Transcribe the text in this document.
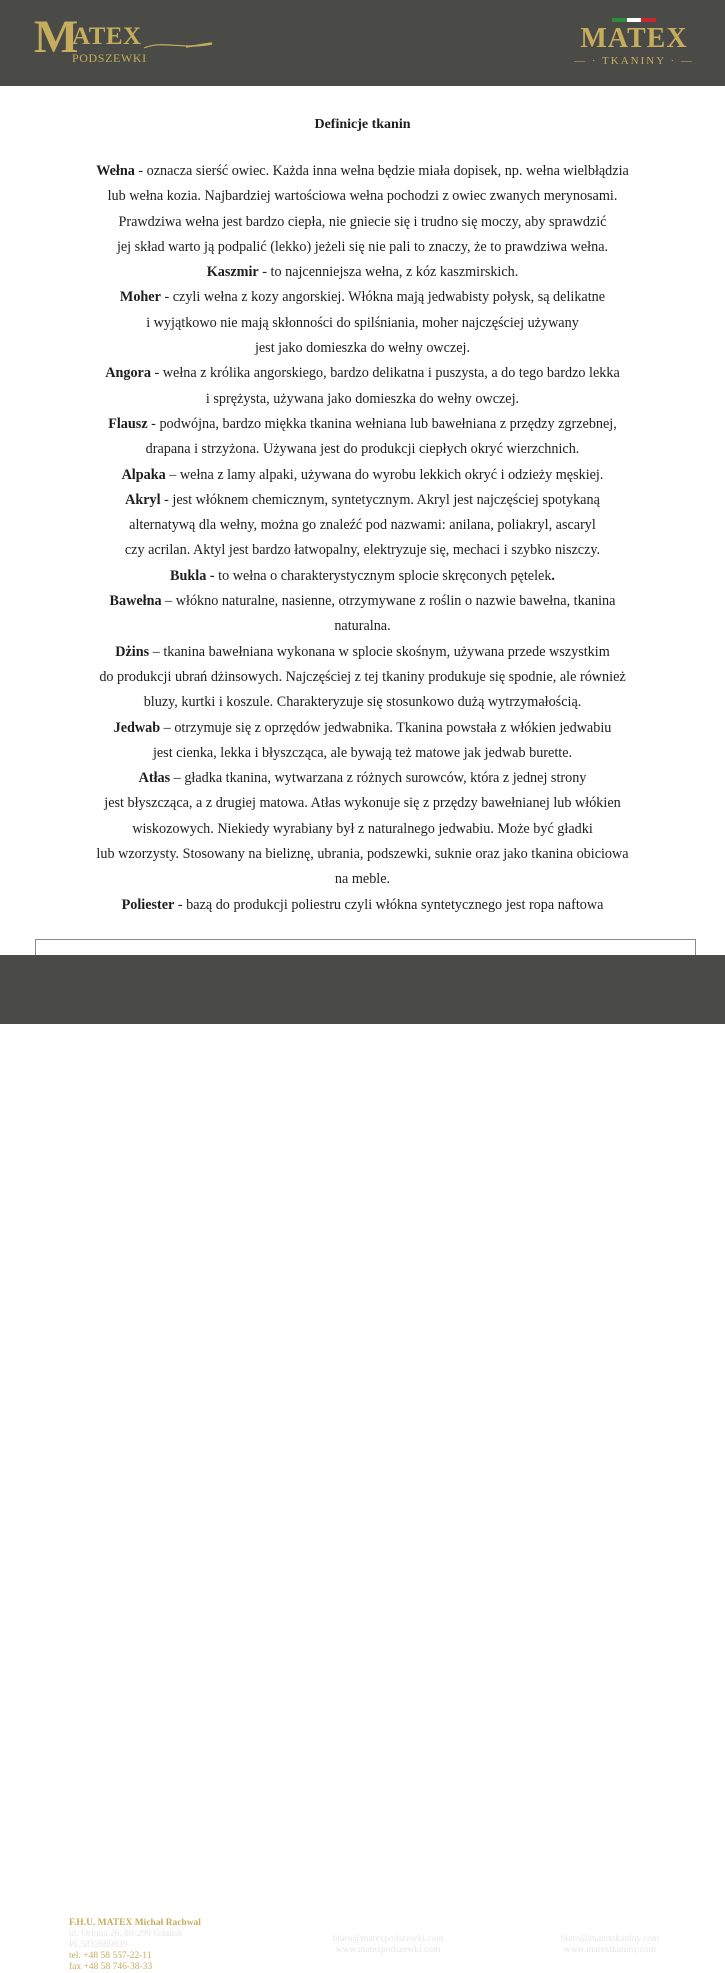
M
ATEX
PODSZEWKI
MATEX
— · TKANINY · —
Definicje tkanin
Wełna - oznacza sierść owiec. Każda inna wełna będzie miała dopisek, np. wełna wielbłądzia
lub wełna kozia. Najbardziej wartościowa wełna pochodzi z owiec zwanych merynosami.
Prawdziwa wełna jest bardzo ciepła, nie gniecie się i trudno się moczy, aby sprawdzić
jej skład warto ją podpalić (lekko) jeżeli się nie pali to znaczy, że to prawdziwa wełna.
Kaszmir - to najcenniejsza wełna, z kóz kaszmirskich.
Moher - czyli wełna z kozy angorskiej. Włókna mają jedwabisty połysk, są delikatne
i wyjątkowo nie mają skłonności do spilśniania, moher najczęściej używany
jest jako domieszka do wełny owczej.
Angora - wełna z królika angorskiego, bardzo delikatna i puszysta, a do tego bardzo lekka
i sprężysta, używana jako domieszka do wełny owczej.
Flausz - podwójna, bardzo miękka tkanina wełniana lub bawełniana z przędzy zgrzebnej,
drapana i strzyżona. Używana jest do produkcji ciepłych okryć wierzchnich.
Alpaka – wełna z lamy alpaki, używana do wyrobu lekkich okryć i odzieży męskiej.
Akryl - jest włóknem chemicznym, syntetycznym. Akryl jest najczęściej spotykaną
alternatywą dla wełny, można go znaleźć pod nazwami: anilana, poliakryl, ascaryl
czy acrilan. Aktyl jest bardzo łatwopalny, elektryzuje się, mechaci i szybko niszczy.
Bukla - to wełna o charakterystycznym splocie skręconych pętelek.
Bawełna – włókno naturalne, nasienne, otrzymywane z roślin o nazwie bawełna, tkanina
naturalna.
Dżins – tkanina bawełniana wykonana w splocie skośnym, używana przede wszystkim
do produkcji ubrań dżinsowych. Najczęściej z tej tkaniny produkuje się spodnie, ale również
bluzy, kurtki i koszule. Charakteryzuje się stosunkowo dużą wytrzymałością.
Jedwab – otrzymuje się z oprzędów jedwabnika. Tkanina powstała z włókien jedwabiu
jest cienka, lekka i błyszcząca, ale bywają też matowe jak jedwab burette.
Atłas – gładka tkanina, wytwarzana z różnych surowców, która z jednej strony
jest błyszcząca, a z drugiej matowa. Atłas wykonuje się z przędzy bawełnianej lub włókien
wiskozowych. Niekiedy wyrabiany był z naturalnego jedwabiu. Może być gładki
lub wzorzysty. Stosowany na bieliznę, ubrania, podszewki, suknie oraz jako tkanina obiciowa
na meble.
Poliester - bazą do produkcji poliestru czyli włókna syntetycznego jest ropa naftowa
F.H.U. MATEX Michał Rachwal
ul. Oriona 26, 80-299 Gdańsk
PL5832669839
tel. +48 58 557-22-11
fax +48 58 746-38-33
biuro@matexpodszewki.com
www.matexpodszewki.com
biuro@matextkaniny.com
www.matextkaniny.com
